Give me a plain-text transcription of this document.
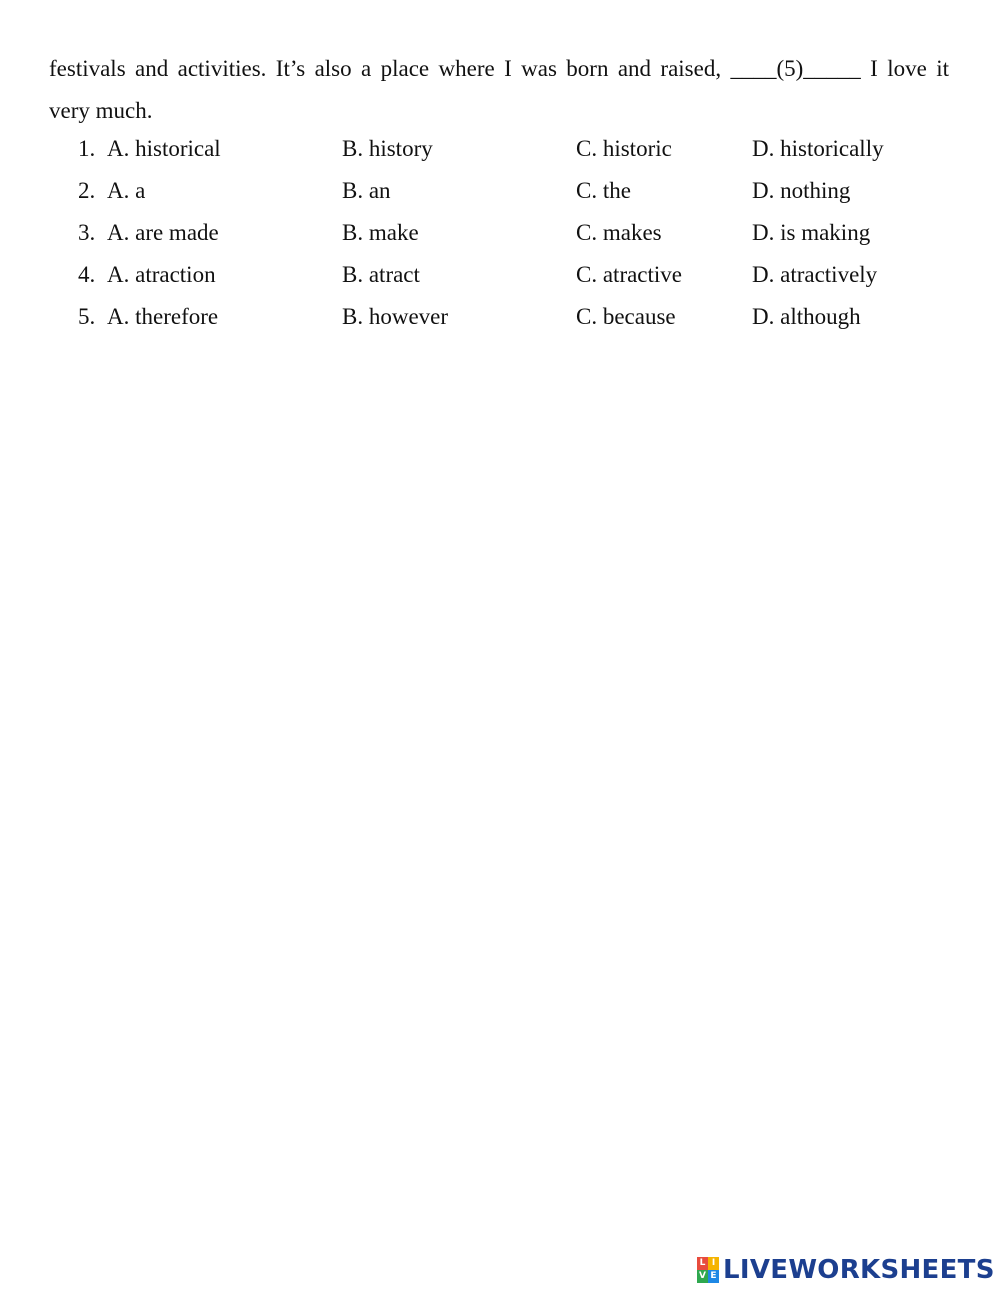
festivals and activities. It’s also a place where I was born and raised, ____(5)_____ I love it
very much.
1. A. historical	B. history	C. historic	D. historically
2. A. a	B. an	C. the	D. nothing
3. A. are made	B. make	C. makes	D. is making
4. A. atraction	B. atract	C. atractive	D. atractively
5. A. therefore	B. however	C. because	D. although
L I
V E LIVEWORKSHEETS
